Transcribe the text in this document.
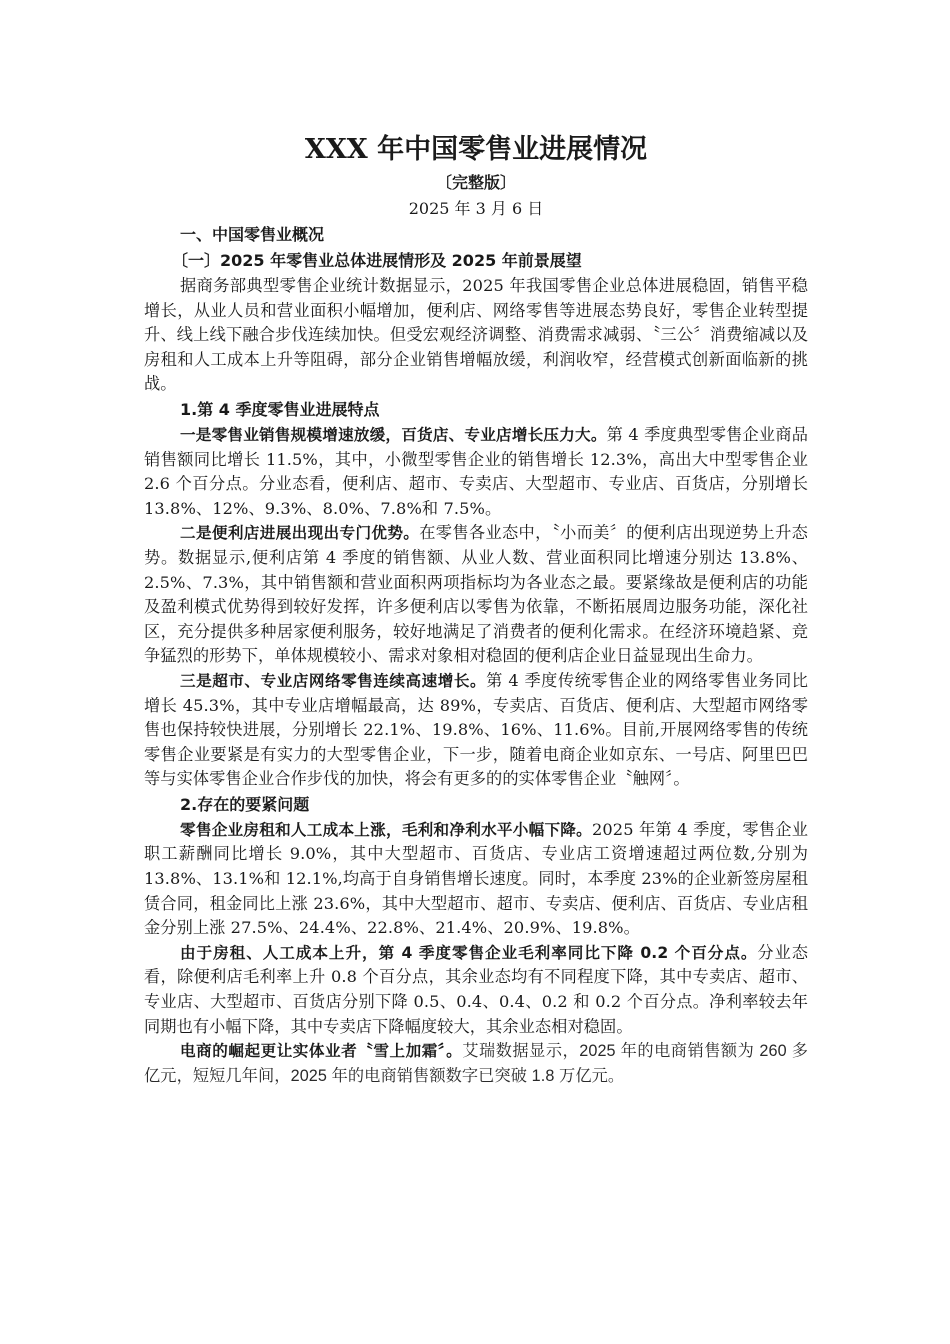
XXX 年中国零售业进展情况

〔完整版〕

2025 年 3 月 6 日

一、中国零售业概况

〔一〕2025 年零售业总体进展情形及 2025 年前景展望

据商务部典型零售企业统计数据显示，2025 年我国零售企业总体进展稳固，销售平稳增长，从业人员和营业面积小幅增加，便利店、网络零售等进展态势良好，零售企业转型提升、线上线下融合步伐连续加快。但受宏观经济调整、消费需求减弱、〝三公〞消费缩减以及房租和人工成本上升等阻碍，部分企业销售增幅放缓，利润收窄，经营模式创新面临新的挑战。

1.第 4 季度零售业进展特点

一是零售业销售规模增速放缓，百货店、专业店增长压力大。第 4 季度典型零售企业商品销售额同比增长 11.5%，其中，小微型零售企业的销售增长 12.3%，高出大中型零售企业 2.6 个百分点。分业态看，便利店、超市、专卖店、大型超市、专业店、百货店，分别增长 13.8%、12%、9.3%、8.0%、7.8%和 7.5%。

二是便利店进展出现出专门优势。在零售各业态中，〝小而美〞的便利店出现逆势上升态势。数据显示,便利店第 4 季度的销售额、从业人数、营业面积同比增速分别达 13.8%、2.5%、7.3%，其中销售额和营业面积两项指标均为各业态之最。要紧缘故是便利店的功能及盈利模式优势得到较好发挥，许多便利店以零售为依靠，不断拓展周边服务功能，深化社区，充分提供多种居家便利服务，较好地满足了消费者的便利化需求。在经济环境趋紧、竞争猛烈的形势下，单体规模较小、需求对象相对稳固的便利店企业日益显现出生命力。

三是超市、专业店网络零售连续高速增长。第 4 季度传统零售企业的网络零售业务同比增长 45.3%，其中专业店增幅最高，达 89%，专卖店、百货店、便利店、大型超市网络零售也保持较快进展，分别增长 22.1%、19.8%、16%、11.6%。目前,开展网络零售的传统零售企业要紧是有实力的大型零售企业，下一步，随着电商企业如京东、一号店、阿里巴巴等与实体零售企业合作步伐的加快，将会有更多的的实体零售企业〝触网〞。

2.存在的要紧问题

零售企业房租和人工成本上涨，毛利和净利水平小幅下降。2025 年第 4 季度，零售企业职工薪酬同比增长 9.0%，其中大型超市、百货店、专业店工资增速超过两位数,分别为 13.8%、13.1%和 12.1%,均高于自身销售增长速度。同时，本季度 23%的企业新签房屋租赁合同，租金同比上涨 23.6%，其中大型超市、超市、专卖店、便利店、百货店、专业店租金分别上涨 27.5%、24.4%、22.8%、21.4%、20.9%、19.8%。

由于房租、人工成本上升，第 4 季度零售企业毛利率同比下降 0.2 个百分点。分业态看，除便利店毛利率上升 0.8 个百分点，其余业态均有不同程度下降，其中专卖店、超市、专业店、大型超市、百货店分别下降 0.5、0.4、0.4、0.2 和 0.2 个百分点。净利率较去年同期也有小幅下降，其中专卖店下降幅度较大，其余业态相对稳固。

电商的崛起更让实体业者〝雪上加霜〞。艾瑞数据显示，2025 年的电商销售额为 260 多亿元，短短几年间，2025 年的电商销售额数字已突破 1.8 万亿元。
